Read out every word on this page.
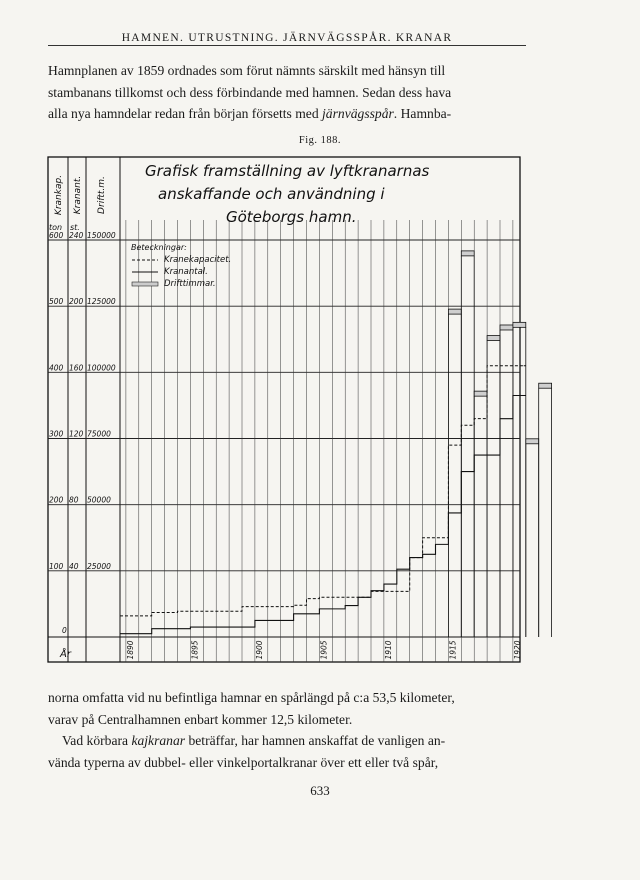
HAMNEN. UTRUSTNING. JÄRNVÄGSSPÅR. KRANAR
Hamnplanen av 1859 ordnades som förut nämnts särskilt med hänsyn till
stambanans tillkomst och dess förbindande med hamnen. Sedan dess hava
alla nya hamndelar redan från början försetts med järnvägsspår. Hamnba-
Fig. 188.
Krankap. Kranant. Driftt.m.
ton st.
600 240 150000
500 200 125000
400 160 100000
300 120 75000
200 80 50000
100 40 25000
0
År	1890	1895	1900	1905	1910	1915	1920
Grafisk framställning av lyftkranarnas
anskaffande och användning i
Göteborgs hamn.
Beteckningar:
Kranekapacitet.
Kranantal.
Drifttimmar.
norna omfatta vid nu befintliga hamnar en spårlängd på c:a 53,5 kilometer,
varav på Centralhamnen enbart kommer 12,5 kilometer.
Vad körbara kajkranar beträffar, har hamnen anskaffat de vanligen an-
vända typerna av dubbel- eller vinkelportalkranar över ett eller två spår,
633
